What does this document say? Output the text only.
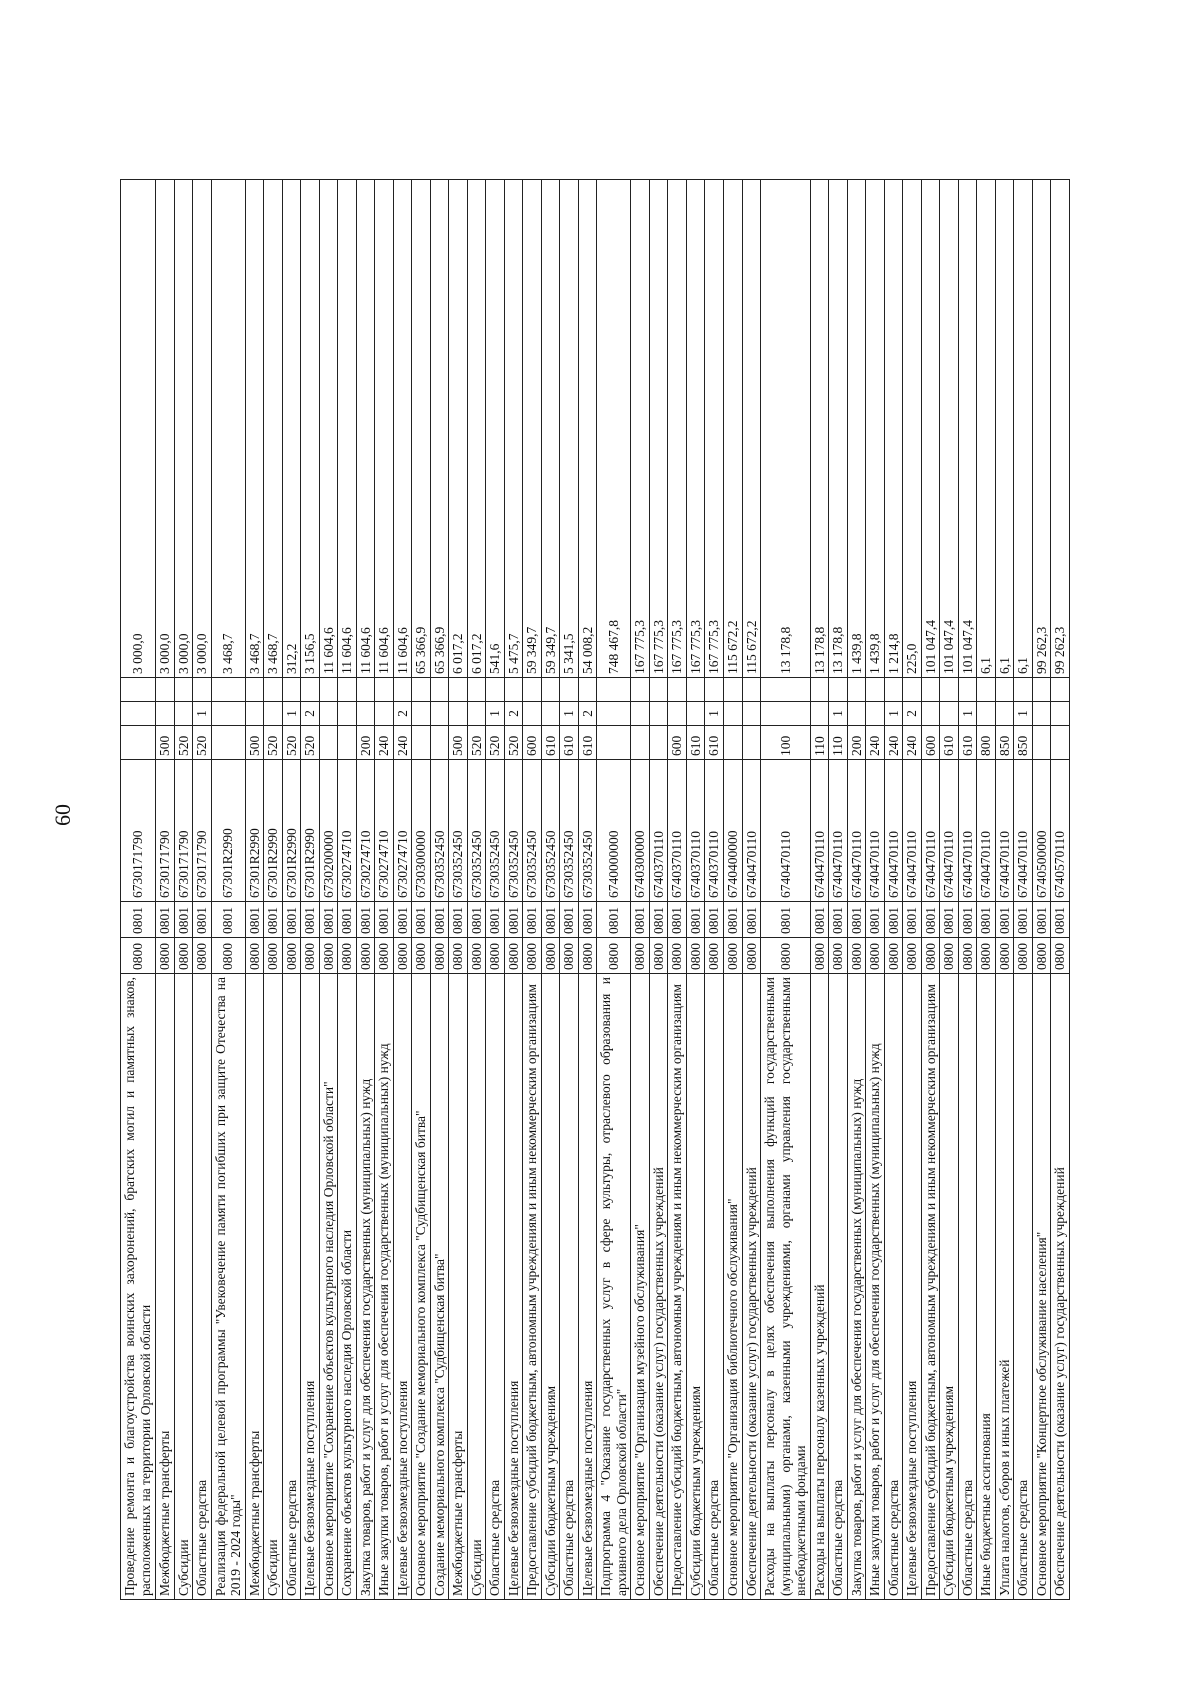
60
Проведение ремонта и благоустройства воинских захоронений, братских могил и памятных знаков, расположенных на территории Орловской области	0800	0801	6730171790				3 000,0
Межбюджетные трансферты	0800	0801	6730171790	500			3 000,0
Субсидии	0800	0801	6730171790	520			3 000,0
Областные средства	0800	0801	6730171790	520	1		3 000,0
Реализация федеральной целевой программы "Увековечение памяти погибших при защите Отечества на 2019 - 2024 годы"	0800	0801	67301R2990				3 468,7
Межбюджетные трансферты	0800	0801	67301R2990	500			3 468,7
Субсидии	0800	0801	67301R2990	520			3 468,7
Областные средства	0800	0801	67301R2990	520	1		312,2
Целевые безвозмездные поступления	0800	0801	67301R2990	520	2		3 156,5
Основное мероприятие "Сохранение объектов культурного наследия Орловской области"	0800	0801	6730200000				11 604,6
Сохранение объектов культурного наследия Орловской области	0800	0801	6730274710				11 604,6
Закупка товаров, работ и услуг для обеспечения государственных (муниципальных) нужд	0800	0801	6730274710	200			11 604,6
Иные закупки товаров, работ и услуг для обеспечения государственных (муниципальных) нужд	0800	0801	6730274710	240			11 604,6
Целевые безвозмездные поступления	0800	0801	6730274710	240	2		11 604,6
Основное мероприятие "Создание мемориального комплекса "Судбищенская битва"	0800	0801	6730300000				65 366,9
Создание мемориального комплекса "Судбищенская битва"	0800	0801	6730352450				65 366,9
Межбюджетные трансферты	0800	0801	6730352450	500			6 017,2
Субсидии	0800	0801	6730352450	520			6 017,2
Областные средства	0800	0801	6730352450	520	1		541,6
Целевые безвозмездные поступления	0800	0801	6730352450	520	2		5 475,7
Предоставление субсидий бюджетным, автономным учреждениям и иным некоммерческим организациям	0800	0801	6730352450	600			59 349,7
Субсидии бюджетным учреждениям	0800	0801	6730352450	610			59 349,7
Областные средства	0800	0801	6730352450	610	1		5 341,5
Целевые безвозмездные поступления	0800	0801	6730352450	610	2		54 008,2
Подпрограмма 4 "Оказание государственных услуг в сфере культуры, отраслевого образования и архивного дела Орловской области"	0800	0801	6740000000				748 467,8
Основное мероприятие "Организация музейного обслуживания"	0800	0801	6740300000				167 775,3
Обеспечение деятельности (оказание услуг) государственных учреждений	0800	0801	6740370110				167 775,3
Предоставление субсидий бюджетным, автономным учреждениям и иным некоммерческим организациям	0800	0801	6740370110	600			167 775,3
Субсидии бюджетным учреждениям	0800	0801	6740370110	610			167 775,3
Областные средства	0800	0801	6740370110	610	1		167 775,3
Основное мероприятие "Организация библиотечного обслуживания"	0800	0801	6740400000				115 672,2
Обеспечение деятельности (оказание услуг) государственных учреждений	0800	0801	6740470110				115 672,2
Расходы на выплаты персоналу в целях обеспечения выполнения функций государственными (муниципальными) органами, казенными учреждениями, органами управления государственными внебюджетными фондами	0800	0801	6740470110	100			13 178,8
Расходы на выплаты персоналу казенных учреждений	0800	0801	6740470110	110			13 178,8
Областные средства	0800	0801	6740470110	110	1		13 178,8
Закупка товаров, работ и услуг для обеспечения государственных (муниципальных) нужд	0800	0801	6740470110	200			1 439,8
Иные закупки товаров, работ и услуг для обеспечения государственных (муниципальных) нужд	0800	0801	6740470110	240			1 439,8
Областные средства	0800	0801	6740470110	240	1		1 214,8
Целевые безвозмездные поступления	0800	0801	6740470110	240	2		225,0
Предоставление субсидий бюджетным, автономным учреждениям и иным некоммерческим организациям	0800	0801	6740470110	600			101 047,4
Субсидии бюджетным учреждениям	0800	0801	6740470110	610			101 047,4
Областные средства	0800	0801	6740470110	610	1		101 047,4
Иные бюджетные ассигнования	0800	0801	6740470110	800			6,1
Уплата налогов, сборов и иных платежей	0800	0801	6740470110	850			6,1
Областные средства	0800	0801	6740470110	850	1		6,1
Основное мероприятие "Концертное обслуживание населения"	0800	0801	6740500000				99 262,3
Обеспечение деятельности (оказание услуг) государственных учреждений	0800	0801	6740570110				99 262,3
